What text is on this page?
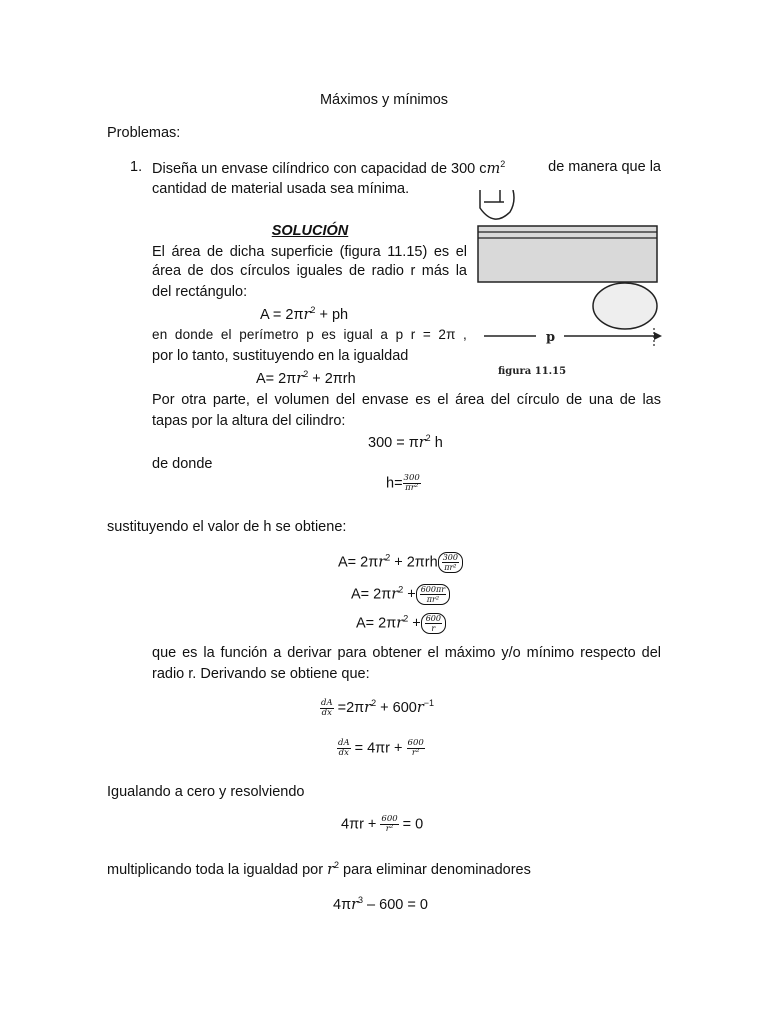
Máximos y mínimos
Problemas:
1. Diseña un envase cilíndrico con capacidad de 300 $cm^2$	de manera que la
cantidad de material usada sea mínima.
p
figura 11.15
SOLUCIÓN
El área de dicha superficie (figura 11.15) es el
área de dos círculos iguales de radio r más la
del rectángulo:
$A = 2\pi r^2$ + ph
en donde el perímetro p es igual a p r = 2π ,
por lo tanto, sustituyendo en la igualdad
$A= 2\pi r^2 + 2\pi rh$
Por otra parte, el volumen del envase es el área del círculo de una de las
tapas por la altura del cilindro:
$300 = \pi r^2$ h
de donde
$h= \frac{300}{\text{πr²}}$
sustituyendo el valor de h se obtiene:
$A= 2\pi r^2 + 2\pi rh \frac{300}{\text{πr²}}$
$A= 2\pi r^2 + \frac{600\pi r}{\text{πr²}}$
$A= 2\pi r^2 + \frac{600}{r}$
que es la función a derivar para obtener el máximo y/o mínimo respecto del
radio r. Derivando se obtiene que:
$\frac{dA}{dx} =2\pi r^2 + 600r^{-1}$
$\frac{dA}{dx} = 4\pi r + \frac{600}{\text{r²}}$
Igualando a cero y resolviendo
$4\pi r + \frac{600}{\text{r²}} = 0$
multiplicando toda la igualdad por $r^2$ para eliminar denominadores
$4\pi r^3 - 600 = 0$
